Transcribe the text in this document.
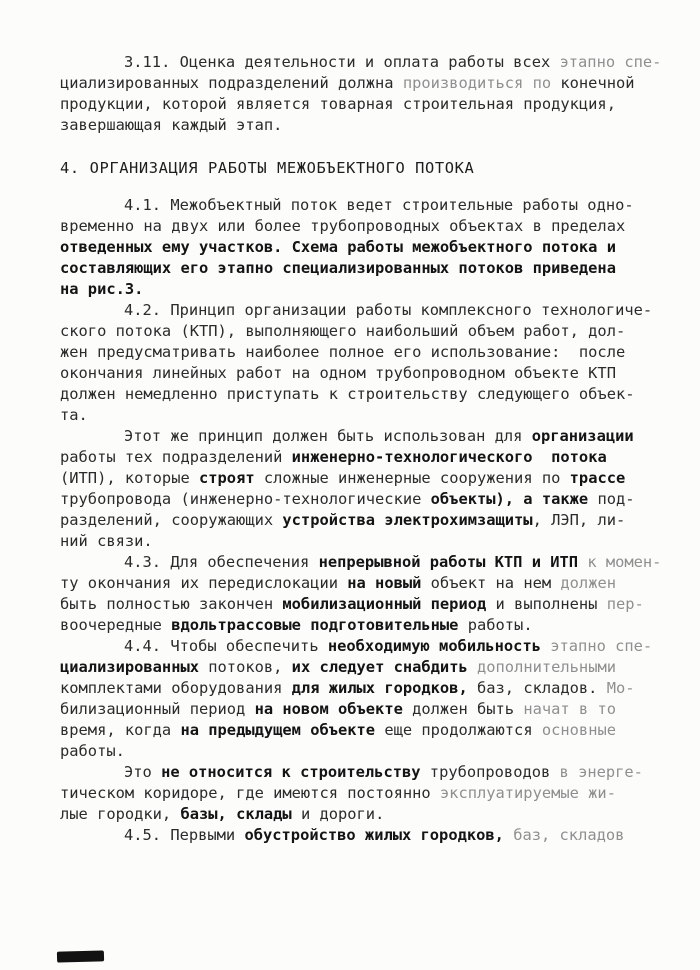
3.11. Оценка деятельности и оплата работы всех этапно спе-
циализированных подразделений должна производиться по конечной
продукции, которой является товарная строительная продукция,
завершающая каждый этап.
4. ОРГАНИЗАЦИЯ РАБОТЫ МЕЖОБЪЕКТНОГО ПОТОКА
4.1. Межобъектный поток ведет строительные работы одно-
временно на двух или более трубопроводных объектах в пределах
отведенных ему участков. Схема работы межобъектного потока и
составляющих его этапно специализированных потоков приведена
на рис.3.
4.2. Принцип организации работы комплексного технологиче-
ского потока (КТП), выполняющего наибольший объем работ, дол-
жен предусматривать наиболее полное его использование:  после
окончания линейных работ на одном трубопроводном объекте КТП
должен немедленно приступать к строительству следующего объек-
та.
Этот же принцип должен быть использован для организации
работы тех подразделений инженерно-технологического потока
(ИТП), которые строят сложные инженерные сооружения по трассе
трубопровода (инженерно-технологические объекты), а также под-
разделений, сооружающих устройства электрохимзащиты, ЛЭП, ли-
ний связи.
4.3. Для обеспечения непрерывной работы КТП и ИТП к момен-
ту окончания их передислокации на новый объект на нем должен
быть полностью закончен мобилизационный период и выполнены пер-
воочередные вдольтрассовые подготовительные работы.
4.4. Чтобы обеспечить необходимую мобильность этапно спе-
циализированных потоков, их следует снабдить дополнительными
комплектами оборудования для жилых городков, баз, складов. Мо-
билизационный период на новом объекте должен быть начат в то
время, когда на предыдущем объекте еще продолжаются основные
работы.
Это не относится к строительству трубопроводов в энерге-
тическом коридоре, где имеются постоянно эксплуатируемые жи-
лые городки, базы, склады и дороги.
4.5. Первыми обустройство жилых городков, баз, складов
